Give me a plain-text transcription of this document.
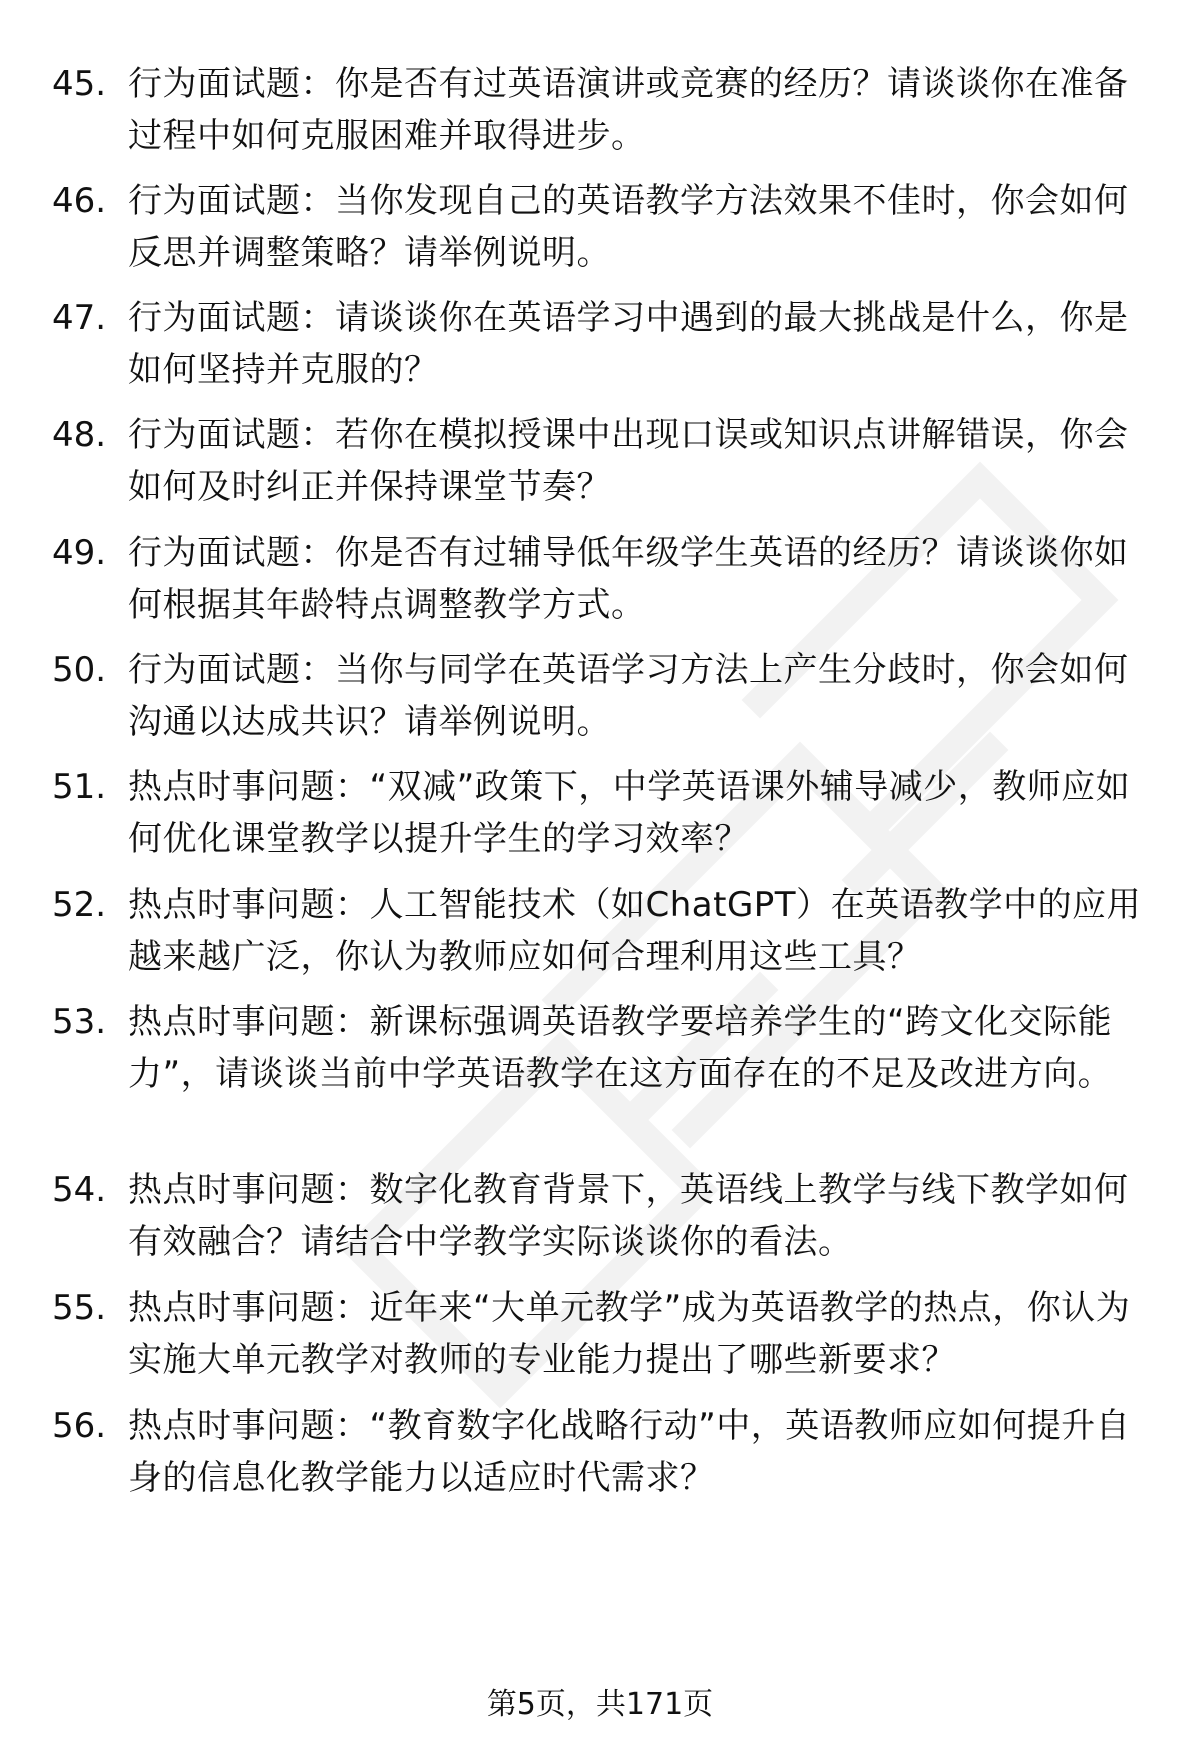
45. 行为面试题：你是否有过英语演讲或竞赛的经历？请谈谈你在准备过程中如何克服困难并取得进步。
46. 行为面试题：当你发现自己的英语教学方法效果不佳时，你会如何反思并调整策略？请举例说明。
47. 行为面试题：请谈谈你在英语学习中遇到的最大挑战是什么，你是如何坚持并克服的？
48. 行为面试题：若你在模拟授课中出现口误或知识点讲解错误，你会如何及时纠正并保持课堂节奏？
49. 行为面试题：你是否有过辅导低年级学生英语的经历？请谈谈你如何根据其年龄特点调整教学方式。
50. 行为面试题：当你与同学在英语学习方法上产生分歧时，你会如何沟通以达成共识？请举例说明。
51. 热点时事问题：“双减”政策下，中学英语课外辅导减少，教师应如何优化课堂教学以提升学生的学习效率？
52. 热点时事问题：人工智能技术（如ChatGPT）在英语教学中的应用越来越广泛，你认为教师应如何合理利用这些工具？
53. 热点时事问题：新课标强调英语教学要培养学生的“跨文化交际能力”，请谈谈当前中学英语教学在这方面存在的不足及改进方向。
54. 热点时事问题：数字化教育背景下，英语线上教学与线下教学如何有效融合？请结合中学教学实际谈谈你的看法。
55. 热点时事问题：近年来“大单元教学”成为英语教学的热点，你认为实施大单元教学对教师的专业能力提出了哪些新要求？
56. 热点时事问题：“教育数字化战略行动”中，英语教师应如何提升自身的信息化教学能力以适应时代需求？
第5页，共171页
